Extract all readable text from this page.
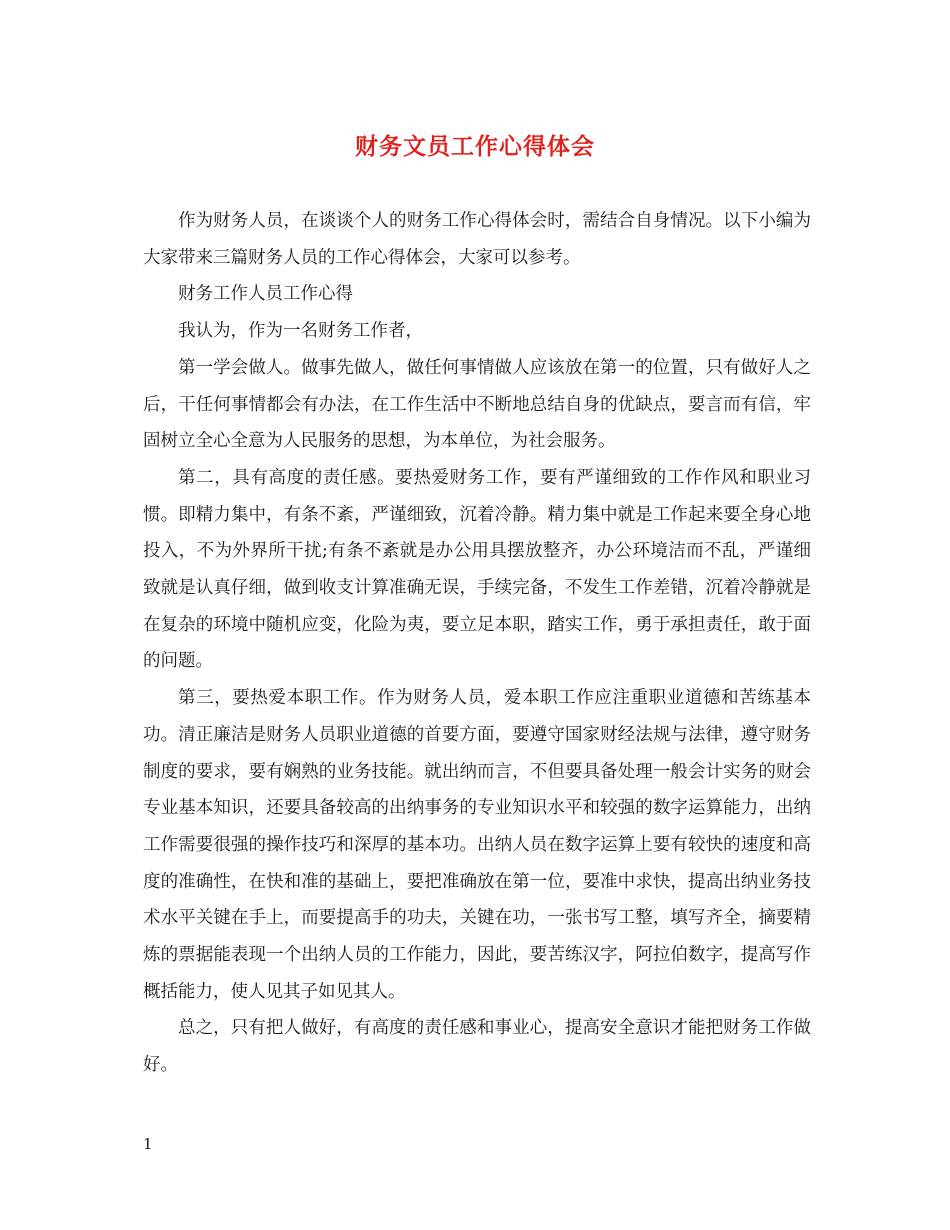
财务文员工作心得体会

作为财务人员，在谈谈个人的财务工作心得体会时，需结合自身情况。以下小编为大家带来三篇财务人员的工作心得体会，大家可以参考。

财务工作人员工作心得

我认为，作为一名财务工作者，

第一学会做人。做事先做人，做任何事情做人应该放在第一的位置，只有做好人之后，干任何事情都会有办法，在工作生活中不断地总结自身的优缺点，要言而有信，牢固树立全心全意为人民服务的思想，为本单位，为社会服务。

第二，具有高度的责任感。要热爱财务工作，要有严谨细致的工作作风和职业习惯。即精力集中，有条不紊，严谨细致，沉着冷静。精力集中就是工作起来要全身心地投入，不为外界所干扰;有条不紊就是办公用具摆放整齐，办公环境洁而不乱，严谨细致就是认真仔细，做到收支计算准确无误，手续完备，不发生工作差错，沉着冷静就是在复杂的环境中随机应变，化险为夷，要立足本职，踏实工作，勇于承担责任，敢于面的问题。

第三，要热爱本职工作。作为财务人员，爱本职工作应注重职业道德和苦练基本功。清正廉洁是财务人员职业道德的首要方面，要遵守国家财经法规与法律，遵守财务制度的要求，要有娴熟的业务技能。就出纳而言，不但要具备处理一般会计实务的财会专业基本知识，还要具备较高的出纳事务的专业知识水平和较强的数字运算能力，出纳工作需要很强的操作技巧和深厚的基本功。出纳人员在数字运算上要有较快的速度和高度的准确性，在快和准的基础上，要把准确放在第一位，要准中求快，提高出纳业务技术水平关键在手上，而要提高手的功夫，关键在功，一张书写工整，填写齐全，摘要精炼的票据能表现一个出纳人员的工作能力，因此，要苦练汉字，阿拉伯数字，提高写作概括能力，使人见其子如见其人。

总之，只有把人做好，有高度的责任感和事业心，提高安全意识才能把财务工作做好。

1
